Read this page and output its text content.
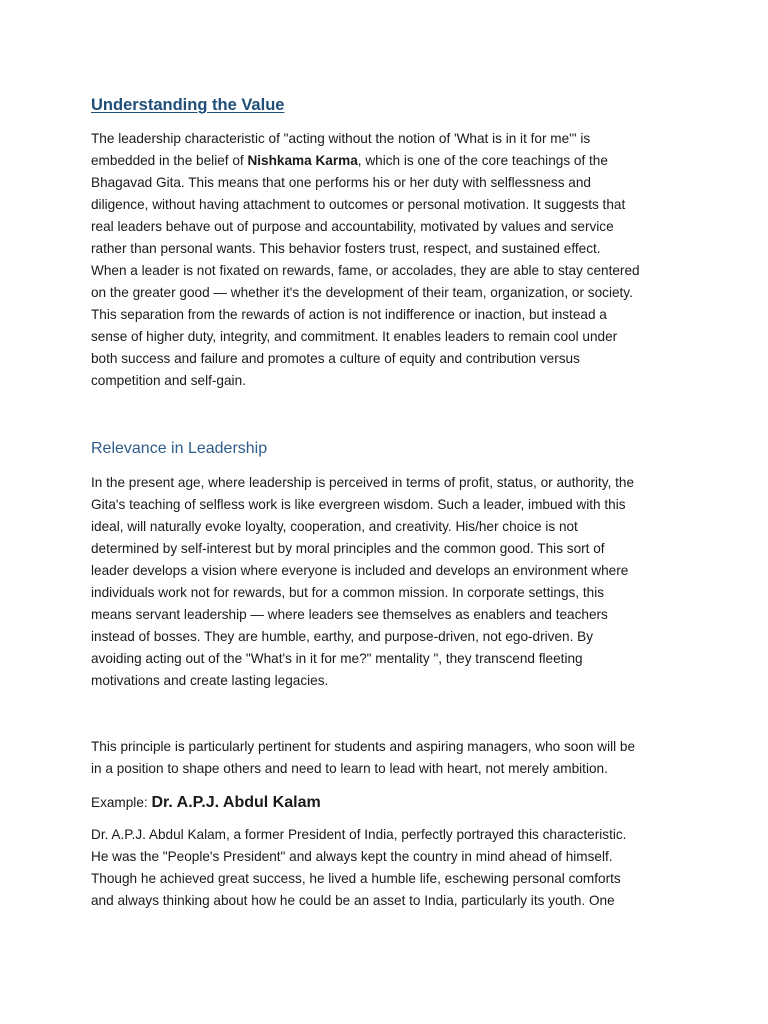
Understanding the Value
The leadership characteristic of "acting without the notion of 'What is in it for me'" is
embedded in the belief of Nishkama Karma, which is one of the core teachings of the
Bhagavad Gita. This means that one performs his or her duty with selflessness and
diligence, without having attachment to outcomes or personal motivation. It suggests that
real leaders behave out of purpose and accountability, motivated by values and service
rather than personal wants. This behavior fosters trust, respect, and sustained effect.
When a leader is not fixated on rewards, fame, or accolades, they are able to stay centered
on the greater good — whether it's the development of their team, organization, or society.
This separation from the rewards of action is not indifference or inaction, but instead a
sense of higher duty, integrity, and commitment. It enables leaders to remain cool under
both success and failure and promotes a culture of equity and contribution versus
competition and self-gain.
Relevance in Leadership
In the present age, where leadership is perceived in terms of profit, status, or authority, the
Gita's teaching of selfless work is like evergreen wisdom. Such a leader, imbued with this
ideal, will naturally evoke loyalty, cooperation, and creativity. His/her choice is not
determined by self-interest but by moral principles and the common good. This sort of
leader develops a vision where everyone is included and develops an environment where
individuals work not for rewards, but for a common mission. In corporate settings, this
means servant leadership — where leaders see themselves as enablers and teachers
instead of bosses. They are humble, earthy, and purpose-driven, not ego-driven. By
avoiding acting out of the "What's in it for me?" mentality ", they transcend fleeting
motivations and create lasting legacies.
This principle is particularly pertinent for students and aspiring managers, who soon will be
in a position to shape others and need to learn to lead with heart, not merely ambition.

Example: Dr. A.P.J. Abdul Kalam

Dr. A.P.J. Abdul Kalam, a former President of India, perfectly portrayed this characteristic.
He was the "People's President" and always kept the country in mind ahead of himself.
Though he achieved great success, he lived a humble life, eschewing personal comforts
and always thinking about how he could be an asset to India, particularly its youth. One
